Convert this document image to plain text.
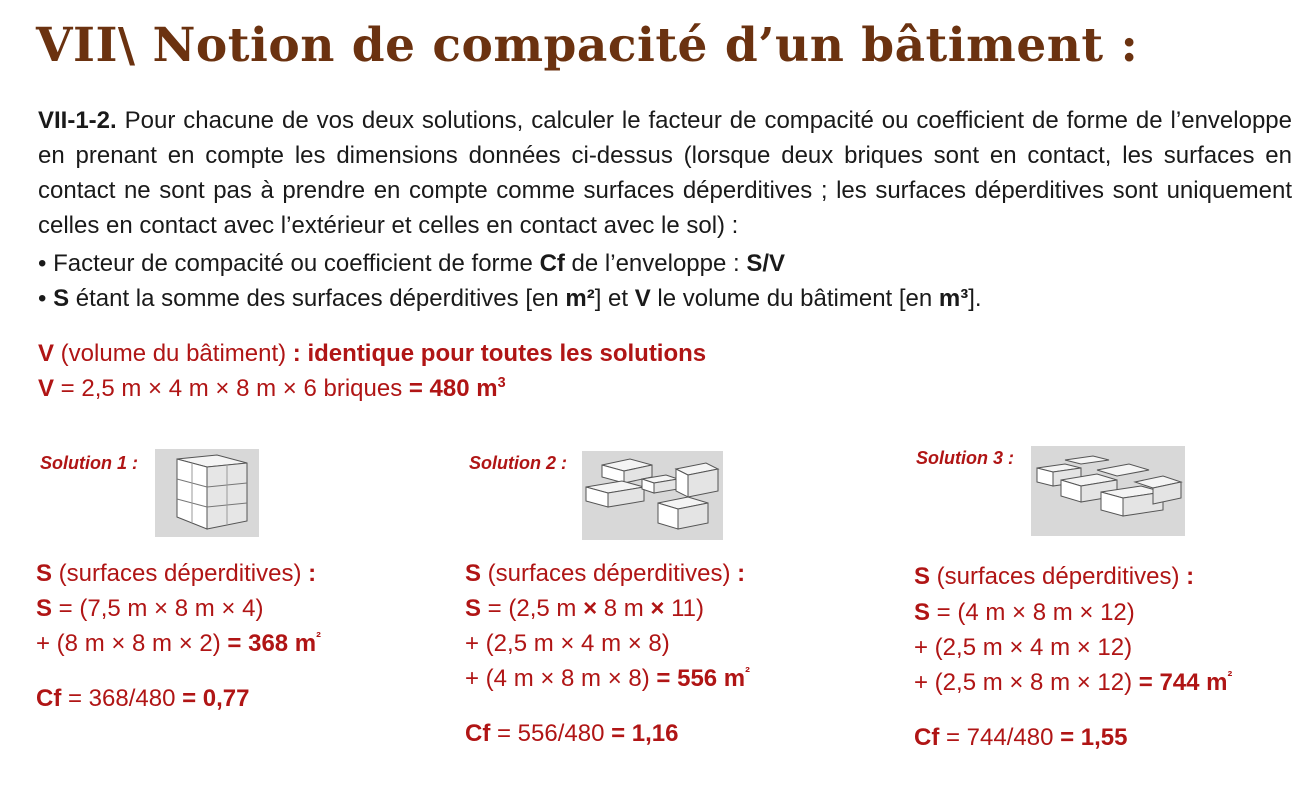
VII\ Notion de compacité d’un bâtiment :

VII-1-2. Pour chacune de vos deux solutions, calculer le facteur de compacité ou coefficient de forme de l’enveloppe en prenant en compte les dimensions données ci-dessus (lorsque deux briques sont en contact, les surfaces en contact ne sont pas à prendre en compte comme surfaces déperditives ; les surfaces déperditives sont uniquement celles en contact avec l’extérieur et celles en contact avec le sol) :

• Facteur de compacité ou coefficient de forme Cf de l’enveloppe : S/V
• S étant la somme des surfaces déperditives [en m²] et V le volume du bâtiment [en m³].
V (volume du bâtiment) : identique pour toutes les solutions
V = 2,5 m × 4 m × 8 m × 6 briques = 480 $m^3$
Solution 1 :
S (surfaces déperditives) :
S = (7,5 m × 8 m × 4)
+ (8 m × 8 m × 2) = 368 $m^{^2}$
Cf = 368/480 = 0,77
Solution 2 :
S (surfaces déperditives) :
S = (2,5 m × 8 m × 11)
+ (2,5 m × 4 m × 8)
+ (4 m × 8 m × 8) = 556 $m^{^2}$
Cf = 556/480 = 1,16
Solution 3 :
S (surfaces déperditives) :
S = (4 m × 8 m × 12)
+ (2,5 m × 4 m × 12)
+ (2,5 m × 8 m × 12) = 744 $m^{^2}$
Cf = 744/480 = 1,55
